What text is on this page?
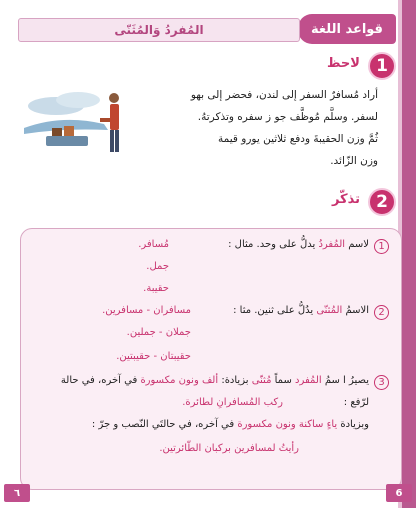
قواعد اللغة
المُفردُ وَالمُثَنّى
1
لاحظ
أراد مُسافرٌ السفر إلى لندن، فحضر إلى بهو
لسفر. وسلَّم مُوظَّف جو ز سفره وتذكرتهُ.
ثُمَّ وزن الحقيبةَ ودفع ثلاثين يورو قيمة
وزن الزّائد.
2
تذكّر
1
لاسم المُفردُ يدلُّ على وحد. مثال :
مُسافر.
جمل.
حقيبة.
2
الاسمُ المُثنّى يدُلُّ على ثنين. مثا :
مسافران - مسافرين.
جملان - جملين.
حقيبتان - حقيبتين.
3
يصيرُ ا سمُ المُفرد سماً مُثنّى بزيادة: ألف ونون مكسورة في آخره، في حالة
لرّفع :
ركب المُسافرانِ لطائرة.
وبزيادة ياءٍ ساكنة ونون مكسورة في آخره، في حالتَي النّصب و جرّ :
رأيتُ لمسافرين بركبان الطّائرتين.
6
٦
